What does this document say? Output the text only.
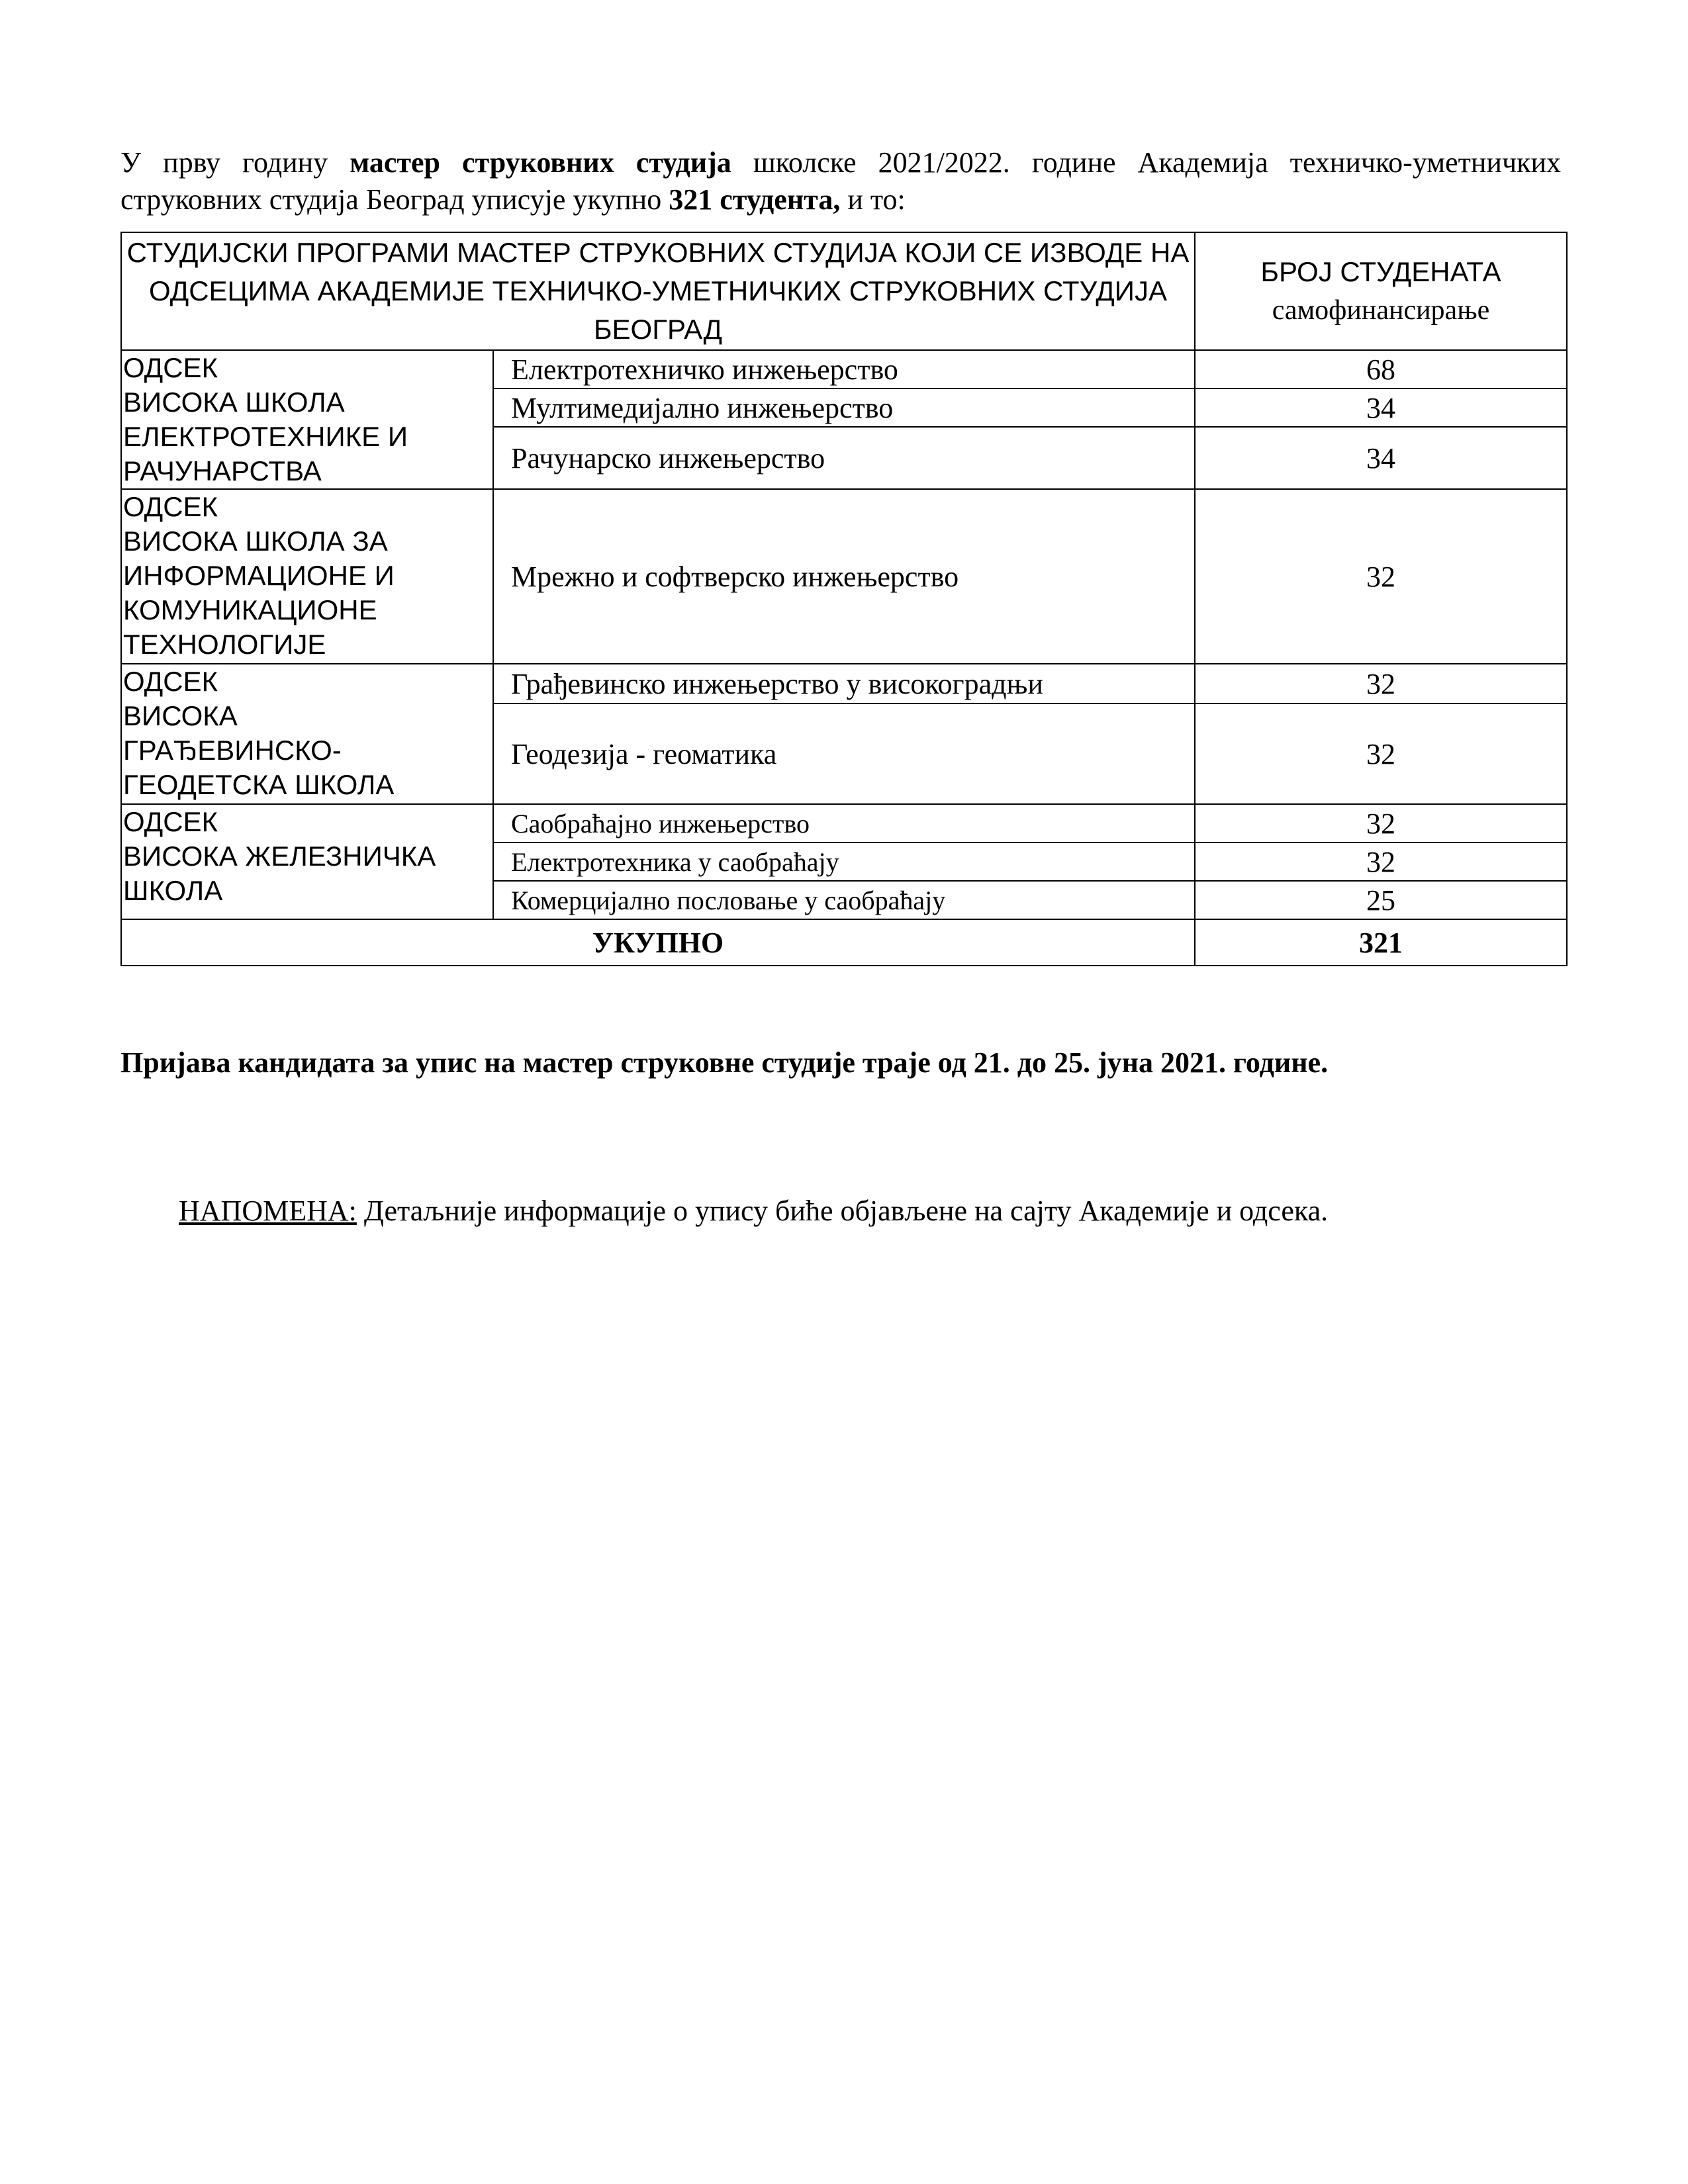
У прву годину мастер струковних студија школске 2021/2022. године Академија техничко-уметничких струковних студија Београд уписује укупно 321 студента, и то:

СТУДИЈСКИ ПРОГРАМИ МАСТЕР СТРУКОВНИХ СТУДИЈА КОЈИ СЕ ИЗВОДЕ НА ОДСЕЦИМА АКАДЕМИЈЕ ТЕХНИЧКО-УМЕТНИЧКИХ СТРУКОВНИХ СТУДИЈА БЕОГРАД		БРОЈ СТУДЕНАТА
самофинансирање

ОДСЕК
ВИСОКА ШКОЛА
ЕЛЕКТРОТЕХНИКЕ И
РАЧУНАРСТВА	Електротехничко инжењерство	68
	Мултимедијално инжењерство	34
	Рачунарско инжењерство	34
ОДСЕК
ВИСОКА ШКОЛА ЗА
ИНФОРМАЦИОНЕ И
КОМУНИКАЦИОНЕ
ТЕХНОЛОГИЈЕ	Мрежно и софтверско инжењерство	32
ОДСЕК
ВИСОКА
ГРАЂЕВИНСКО-
ГЕОДЕТСКА ШКОЛА	Грађевинско инжењерство у високоградњи	32
	Геодезија - геоматика	32
ОДСЕК
ВИСОКА ЖЕЛЕЗНИЧКА
ШКОЛА	Саобраћајно инжењерство	32
	Електротехника у саобраћају	32
	Комерцијално пословање у саобраћају	25
УКУПНО		321

Пријава кандидата за упис на мастер струковне студије траје од 21. до 25. јуна 2021. године.

НАПОМЕНА: Детаљније информације о упису биће објављене на сајту Академије и одсека.
